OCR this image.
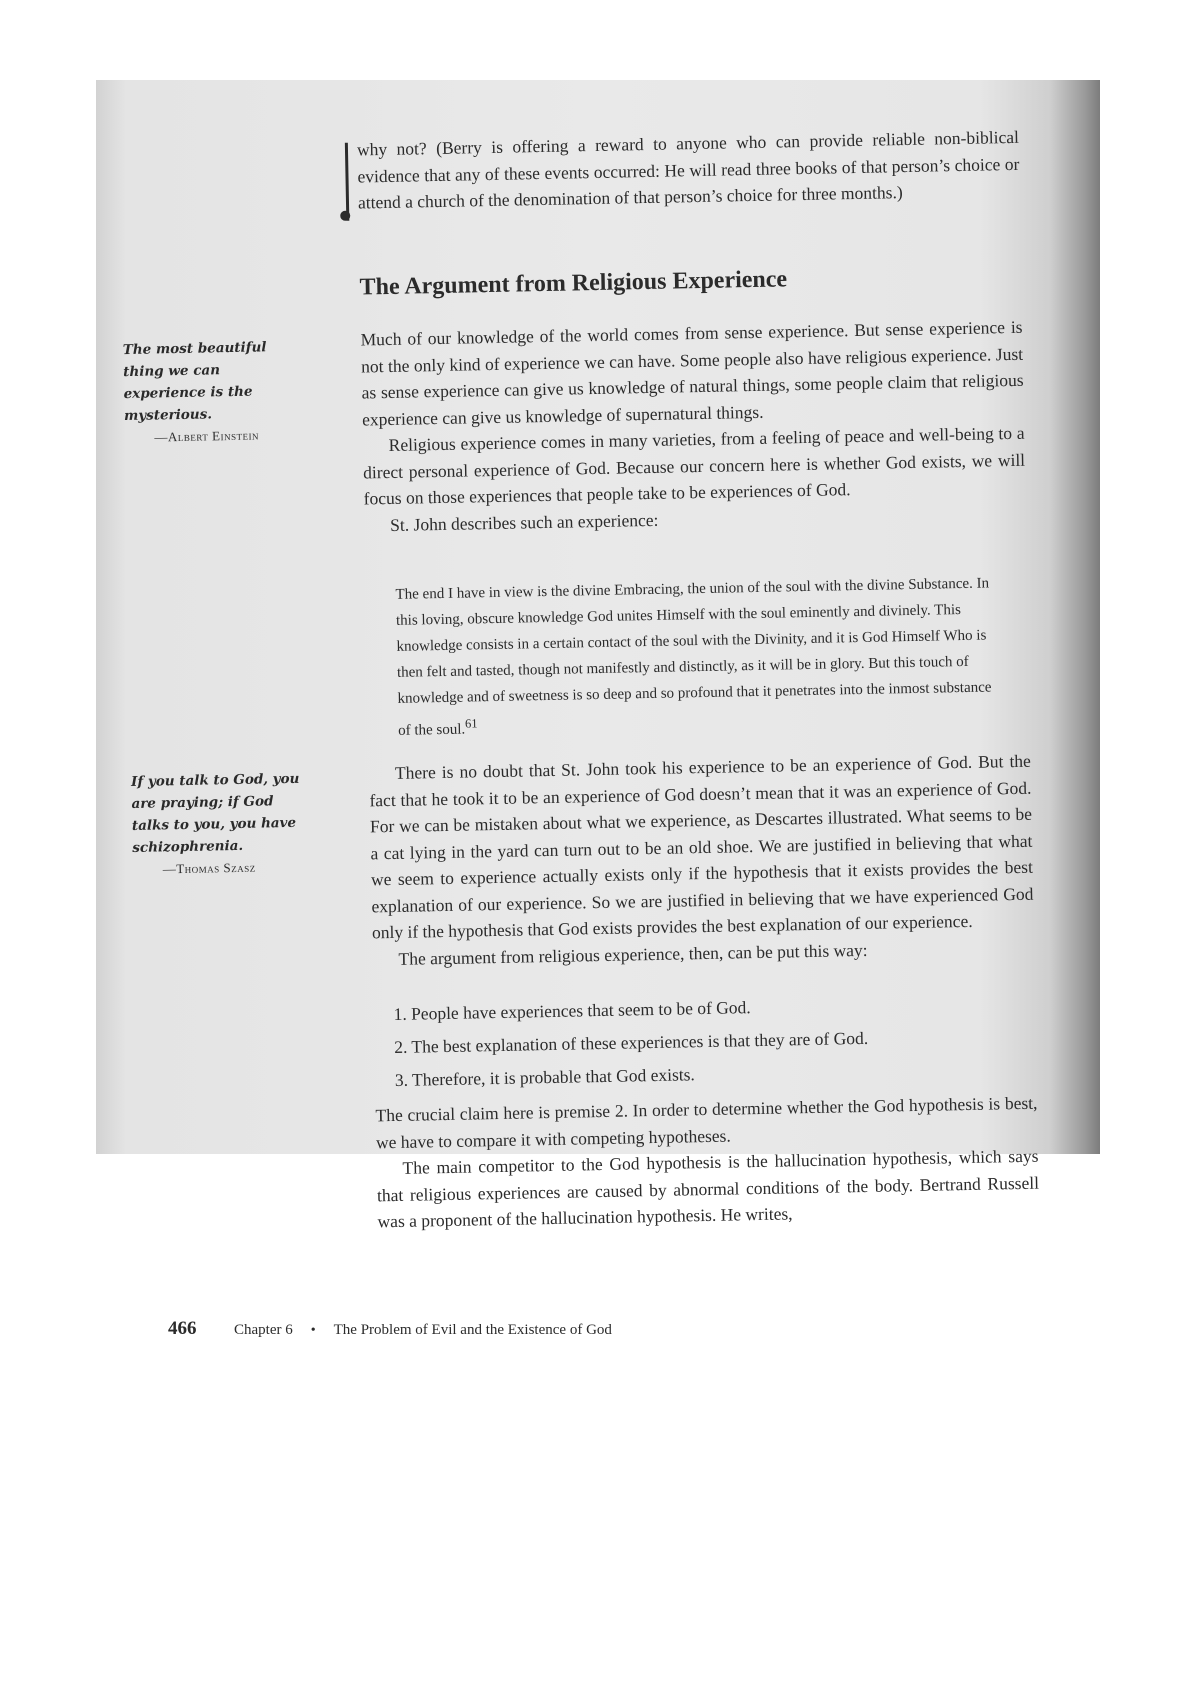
why not? (Berry is offering a reward to anyone who can provide reliable non-biblical evidence that any of these events occurred: He will read three books of that person’s choice or attend a church of the denomination of that person’s choice for three months.)

The Argument from Religious Experience
The most beautiful thing we can experience is the mysterious.
—Albert Einstein

Much of our knowledge of the world comes from sense experience. But sense experience is not the only kind of experience we can have. Some people also have religious experience. Just as sense experience can give us knowledge of natural things, some people claim that religious experience can give us knowledge of supernatural things.

Religious experience comes in many varieties, from a feeling of peace and well-being to a direct personal experience of God. Because our concern here is whether God exists, we will focus on those experiences that people take to be experiences of God.

St. John describes such an experience:

The end I have in view is the divine Embracing, the union of the soul with the divine Substance. In this loving, obscure knowledge God unites Himself with the soul eminently and divinely. This knowledge consists in a certain contact of the soul with the Divinity, and it is God Himself Who is then felt and tasted, though not manifestly and distinctly, as it will be in glory. But this touch of knowledge and of sweetness is so deep and so profound that it penetrates into the inmost substance of the soul.$^{61}$

If you talk to God, you are praying; if God talks to you, you have schizophrenia.
—Thomas Szasz

There is no doubt that St. John took his experience to be an experience of God. But the fact that he took it to be an experience of God doesn’t mean that it was an experience of God. For we can be mistaken about what we experience, as Descartes illustrated. What seems to be a cat lying in the yard can turn out to be an old shoe. We are justified in believing that what we seem to experience actually exists only if the hypothesis that it exists provides the best explanation of our experience. So we are justified in believing that we have experienced God only if the hypothesis that God exists provides the best explanation of our experience.

The argument from religious experience, then, can be put this way:

1. People have experiences that seem to be of God.
2. The best explanation of these experiences is that they are of God.
3. Therefore, it is probable that God exists.

The crucial claim here is premise 2. In order to determine whether the God hypothesis is best, we have to compare it with competing hypotheses.

The main competitor to the God hypothesis is the hallucination hypothesis, which says that religious experiences are caused by abnormal conditions of the body. Bertrand Russell was a proponent of the hallucination hypothesis. He writes,

466	Chapter 6 • The Problem of Evil and the Existence of God
